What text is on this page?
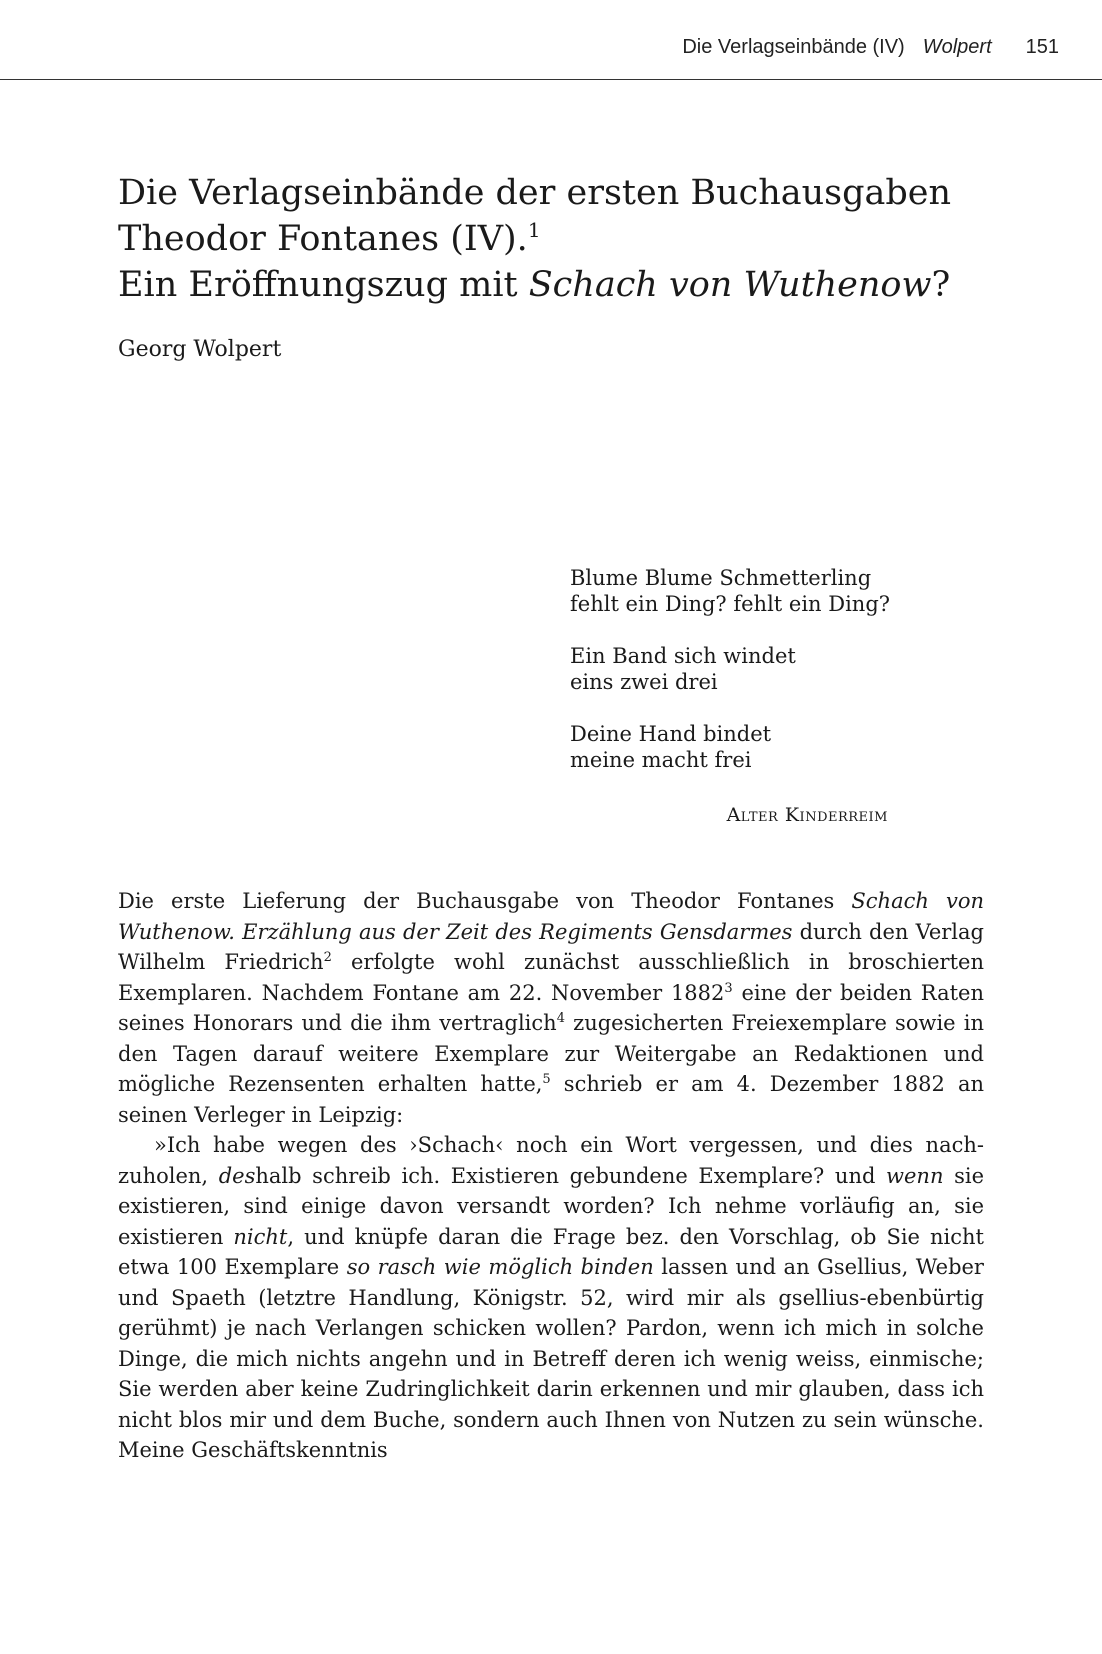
Die Verlagseinbände (IV) Wolpert 151
Die Verlagseinbände der ersten Buchausgaben
Theodor Fontanes (IV).$^1$
Ein Eröffnungszug mit Schach von Wuthenow?
Georg Wolpert
Blume Blume Schmetterling
fehlt ein Ding? fehlt ein Ding?
Ein Band sich windet
eins zwei drei
Deine Hand bindet
meine macht frei
Alter Kinderreim

Die erste Lieferung der Buchausgabe von Theodor Fontanes Schach von Wuthenow. Erzählung aus der Zeit des Regiments Gensdarmes durch den Verlag Wilhelm Friedrich$^2$ erfolgte wohl zunächst ausschließlich in broschierten Exemplaren. Nachdem Fontane am 22. November 1882$^3$ eine der beiden Raten seines Honorars und die ihm vertraglich$^4$ zugesicherten Freiexemplare sowie in den Tagen darauf weitere Exemplare zur Weitergabe an Redaktionen und mögliche Rezensenten erhalten hatte,$^5$ schrieb er am 4. Dezember 1882 an seinen Verleger in Leipzig:

»Ich habe wegen des ›Schach‹ noch ein Wort vergessen, und dies nachzuholen, deshalb schreib ich. Existieren gebundene Exemplare? und wenn sie existieren, sind einige davon versandt worden? Ich nehme vorläufig an, sie existieren nicht, und knüpfe daran die Frage bez. den Vorschlag, ob Sie nicht etwa 100 Exemplare so rasch wie möglich binden lassen und an Gsellius, Weber und Spaeth (letztre Handlung, Königstr. 52, wird mir als gsellius-ebenbürtig gerühmt) je nach Verlangen schicken wollen? Pardon, wenn ich mich in solche Dinge, die mich nichts angehn und in Betreff deren ich wenig weiss, einmische; Sie werden aber keine Zudringlichkeit darin erkennen und mir glauben, dass ich nicht blos mir und dem Buche, sondern auch Ihnen von Nutzen zu sein wünsche. Meine Geschäftskenntnis
